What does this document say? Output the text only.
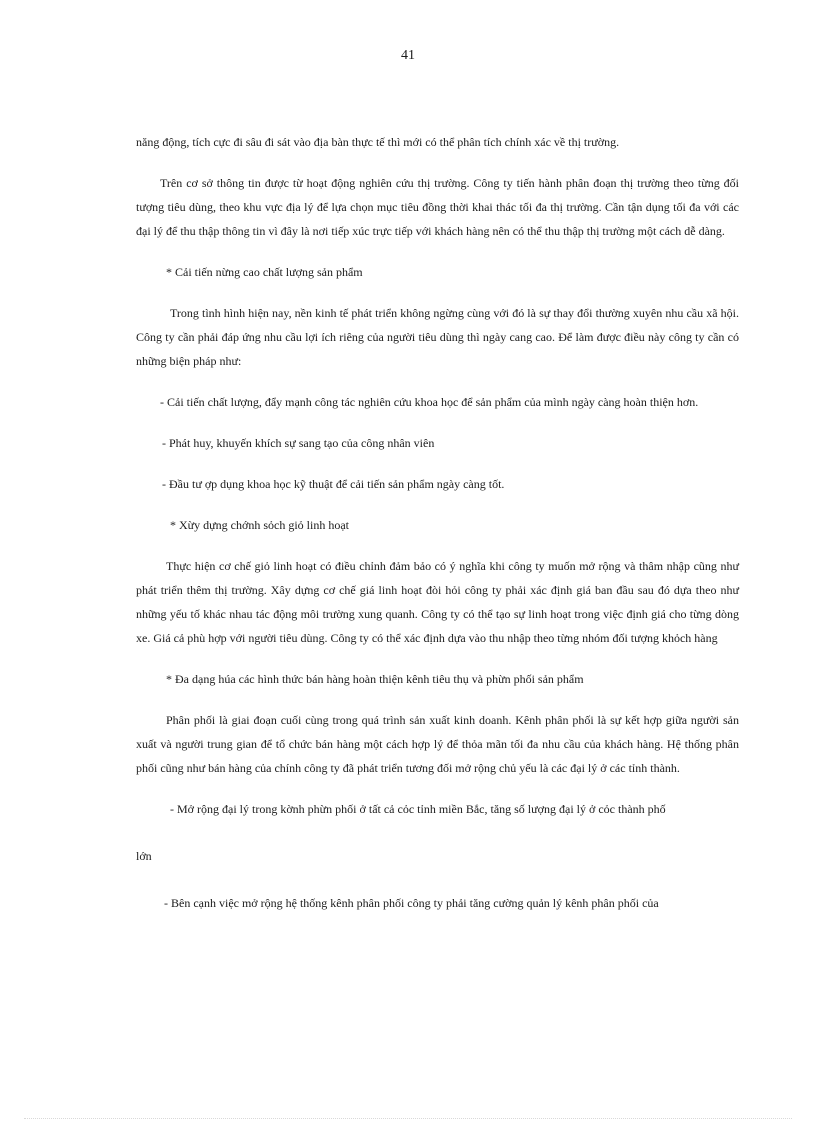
41

năng động, tích cực đi sâu đi sát vào địa bàn thực tế thì mới có thể phân tích chính xác về thị trường.

Trên cơ sở thông tin được từ hoạt động nghiên cứu thị trường. Công ty tiến hành phân đoạn thị trường theo từng đối tượng tiêu dùng, theo khu vực địa lý để lựa chọn mục tiêu đồng thời khai thác tối đa thị trường. Cần tận dụng tối đa với các đại lý để thu thập thông tin vì đây là nơi tiếp xúc trực tiếp với khách hàng nên có thể thu thập thị trường một cách dễ dàng.

* Cải tiến nừng cao chất lượng sản phẩm

Trong tình hình hiện nay, nền kinh tế phát triển không ngừng cùng với đó là sự thay đổi thường xuyên nhu cầu xã hội. Công ty cần phải đáp ứng nhu cầu lợi ích riêng của người tiêu dùng thì ngày cang cao. Để làm được điều này công ty cần có những biện pháp như:

- Cải tiến chất lượng, đẩy mạnh công tác nghiên cứu khoa học để sản phẩm của mình ngày càng hoàn thiện hơn.

- Phát huy, khuyến khích sự sang tạo của công nhân viên

- Đầu tư ợp dụng khoa học kỹ thuật để cải tiến sản phẩm ngày càng tốt.

* Xừy dựng chớnh sỏch giỏ linh hoạt

Thực hiện cơ chế giỏ linh hoạt có điều chỉnh đảm bảo có ý nghĩa khi công ty muốn mở rộng và thâm nhập cũng như phát triển thêm thị trường. Xây dựng cơ chế giá linh hoạt đòi hỏi công ty phải xác định giá ban đầu sau đó dựa theo như những yếu tố khác nhau tác động môi trường xung quanh. Công ty có thể tạo sự linh hoạt trong việc định giá cho từng dòng xe. Giá cả phù hợp với người tiêu dùng. Công ty có thể xác định dựa vào thu nhập theo từng nhóm đối tượng khỏch hàng

* Đa dạng húa các hình thức bán hàng hoàn thiện kênh tiêu thụ và phừn phối sản phẩm

Phân phối là giai đoạn cuối cùng trong quá trình sản xuất kinh doanh. Kênh phân phối là sự kết hợp giữa người sản xuất và người trung gian để tổ chức bán hàng một cách hợp lý để thỏa mãn tối đa nhu cầu của khách hàng. Hệ thống phân phối cũng như bán hàng của chính công ty đã phát triển tương đối mở rộng chủ yếu là các đại lý ở các tỉnh thành.

- Mở rộng đại lý trong kờnh phừn phối ở tất cả cỏc tỉnh miền Bắc, tăng số lượng đại lý ở cỏc thành phố

lớn

- Bên cạnh việc mở rộng hệ thống kênh phân phối công ty phải tăng cường quản lý kênh phân phối của
